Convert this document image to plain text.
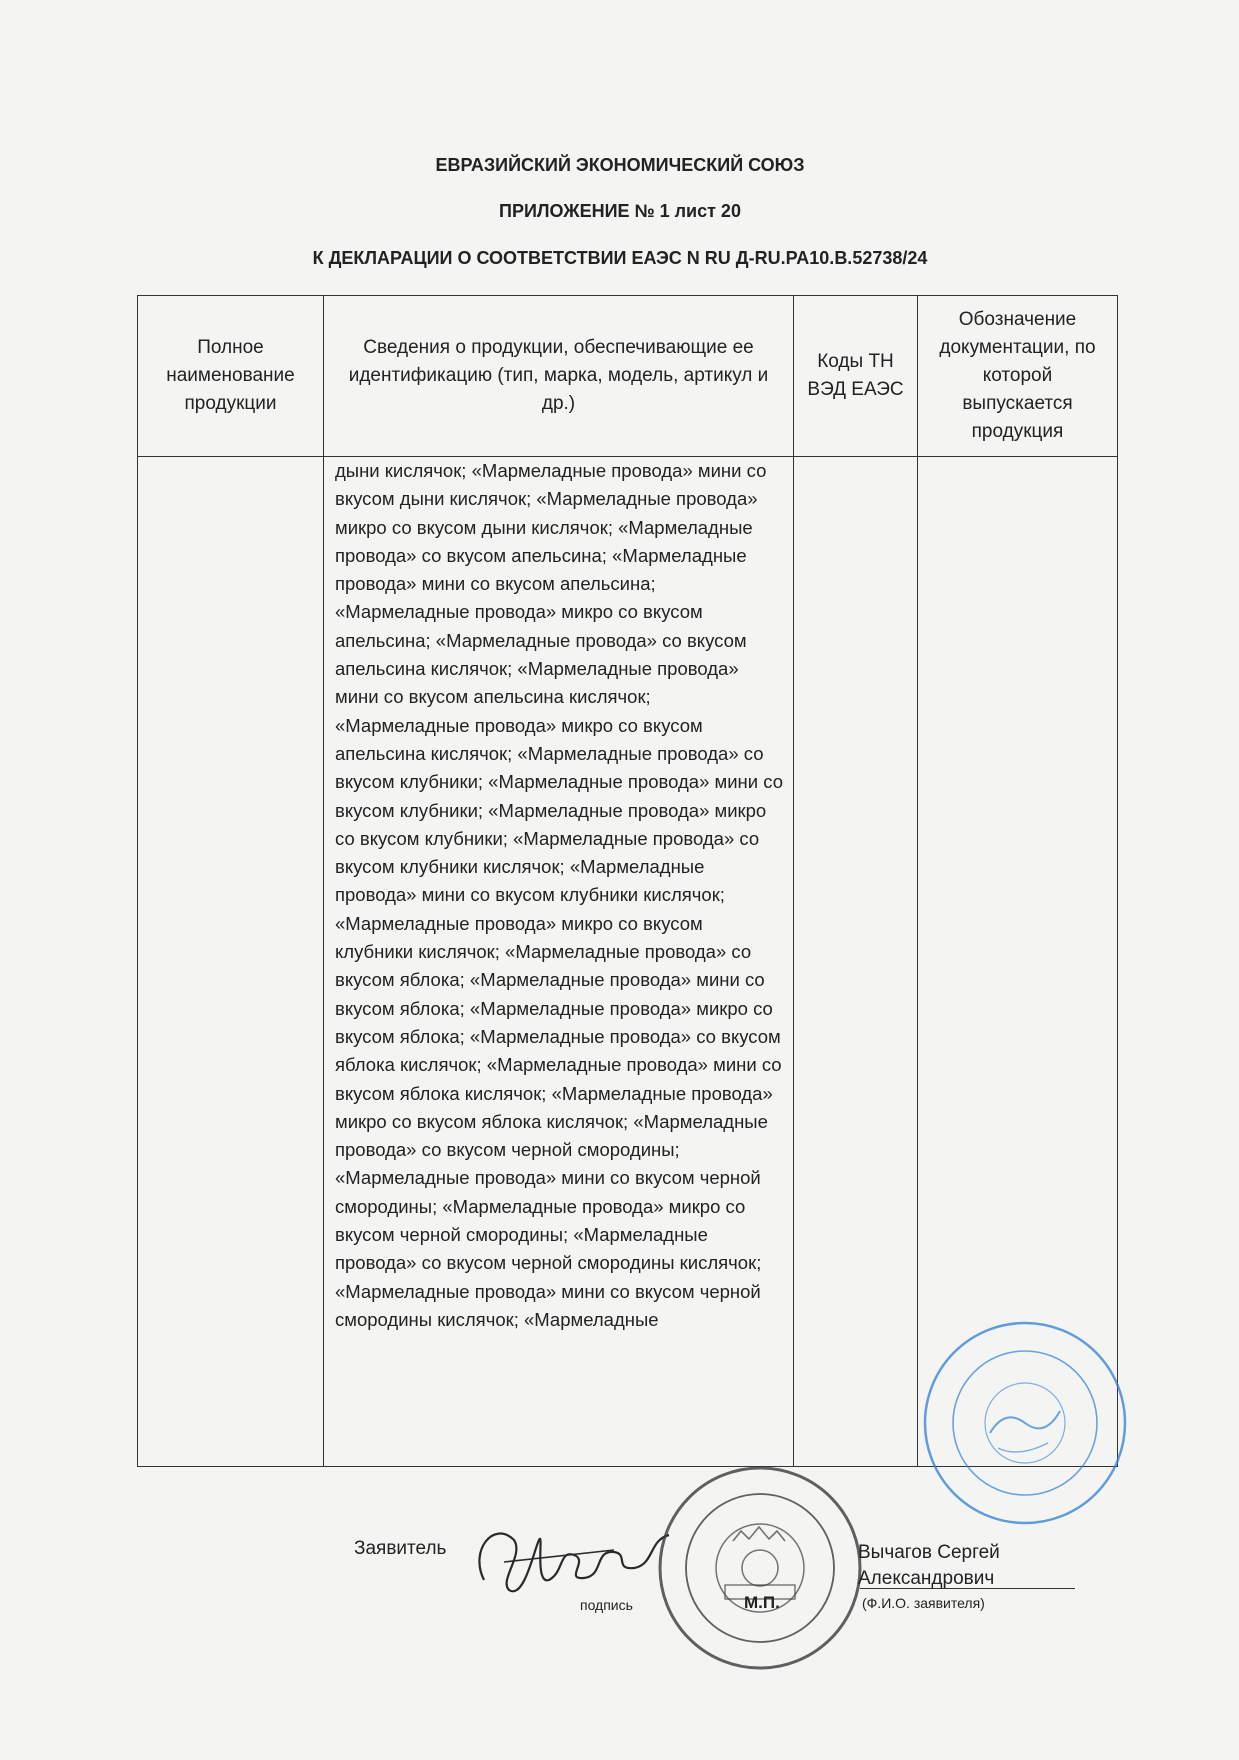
ЕВРАЗИЙСКИЙ ЭКОНОМИЧЕСКИЙ СОЮЗ
ПРИЛОЖЕНИЕ № 1 лист 20
К ДЕКЛАРАЦИИ О СООТВЕТСТВИИ ЕАЭС N RU Д-RU.PA10.B.52738/24
Полное наименование продукции	Сведения о продукции, обеспечивающие ее идентификацию (тип, марка, модель, артикул и др.)	Коды ТН ВЭД ЕАЭС	Обозначение документации, по которой выпускается продукция
	дыни кислячок; «Мармеладные провода» мини со вкусом дыни кислячок; «Мармеладные провода» микро со вкусом дыни кислячок; «Мармеладные провода» со вкусом апельсина; «Мармеладные провода» мини со вкусом апельсина; «Мармеладные провода» микро со вкусом апельсина; «Мармеладные провода» со вкусом апельсина кислячок; «Мармеладные провода» мини со вкусом апельсина кислячок; «Мармеладные провода» микро со вкусом апельсина кислячок; «Мармеладные провода» со вкусом клубники; «Мармеладные провода» мини со вкусом клубники; «Мармеладные провода» микро со вкусом клубники; «Мармеладные провода» со вкусом клубники кислячок; «Мармеладные провода» мини со вкусом клубники кислячок; «Мармеладные провода» микро со вкусом клубники кислячок; «Мармеладные провода» со вкусом яблока; «Мармеладные провода» мини со вкусом яблока; «Мармеладные провода» микро со вкусом яблока; «Мармеладные провода» со вкусом яблока кислячок; «Мармеладные провода» мини со вкусом яблока кислячок; «Мармеладные провода» микро со вкусом яблока кислячок; «Мармеладные провода» со вкусом черной смородины; «Мармеладные провода» мини со вкусом черной смородины; «Мармеладные провода» микро со вкусом черной смородины; «Мармеладные провода» со вкусом черной смородины кислячок; «Мармеладные провода» мини со вкусом черной смородины кислячок; «Мармеладные		
Заявитель
подпись	М.П.
Вычагов Сергей
Александрович
(Ф.И.О. заявителя)
